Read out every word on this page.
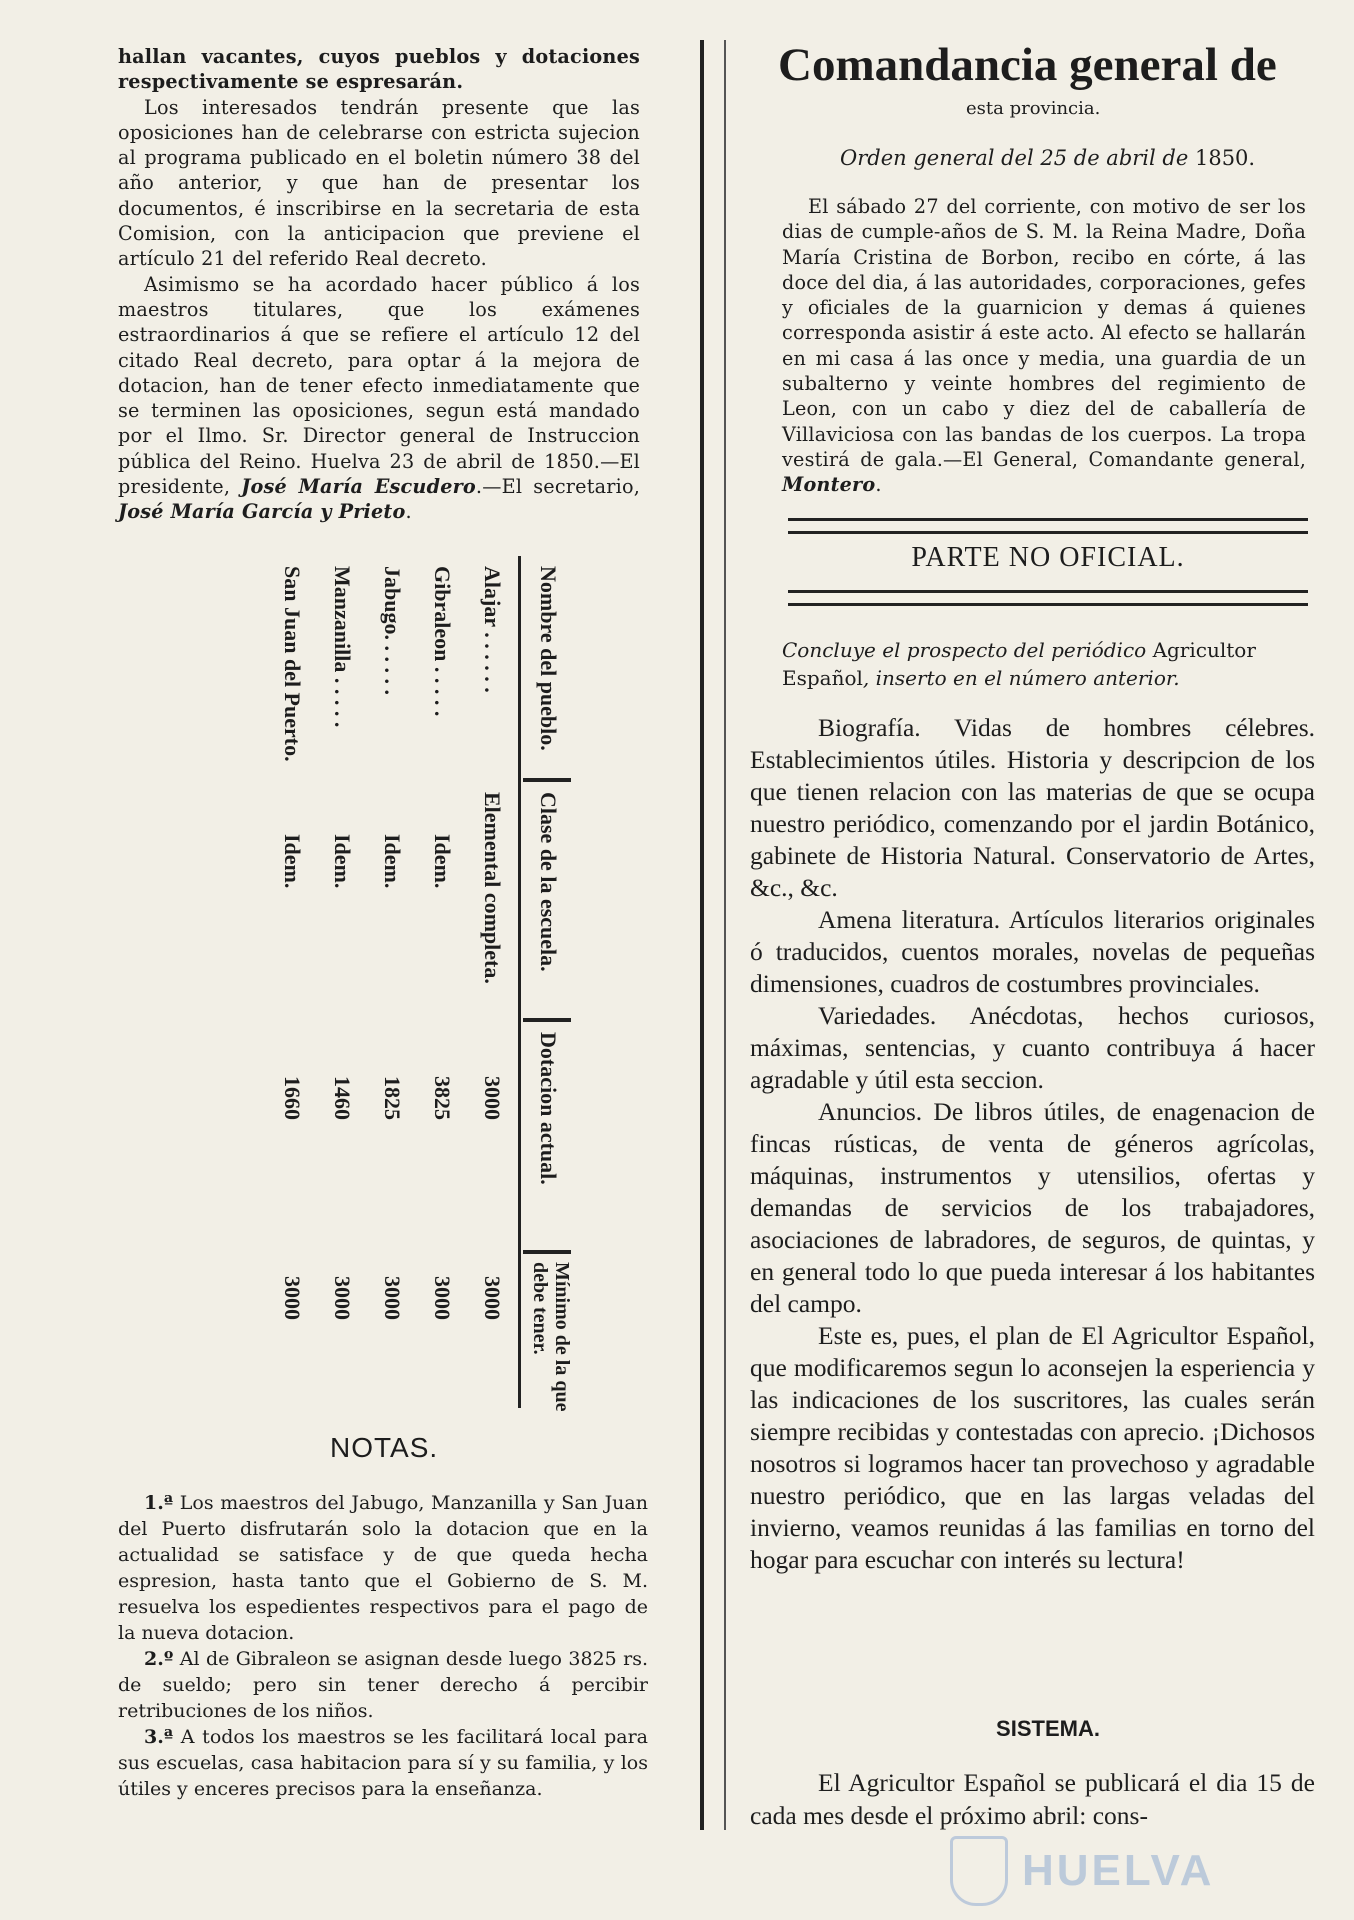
hallan vacantes, cuyos pueblos y dotaciones respectivamente se espresarán.

Los interesados tendrán presente que las oposiciones han de celebrarse con estricta sujecion al programa publicado en el boletin número 38 del año anterior, y que han de presentar los documentos, é inscribirse en la secretaria de esta Comision, con la anticipacion que previene el artículo 21 del referido Real decreto.

Asimismo se ha acordado hacer público á los maestros titulares, que los exámenes estraordinarios á que se refiere el artículo 12 del citado Real decreto, para optar á la mejora de dotacion, han de tener efecto inmediatamente que se terminen las oposiciones, segun está mandado por el Ilmo. Sr. Director general de Instruccion pública del Reino. Huelva 23 de abril de 1850.—El presidente, José María Escudero.—El secretario, José María García y Prieto.

Nombre del pueblo.
Clase de la escuela.
Dotacion actual.
Mínimo de la que debe tener.
Alajar . . . . . .
Elemental completa.
3000
3000
Gibraleon . . . . .
Idem.
3825
3000
Jabugo. . . . . .
Idem.
1825
3000
Manzanilla . . . . .
Idem.
1460
3000
San Juan del Puerto.
Idem.
1660
3000
NOTAS.

1.ª Los maestros del Jabugo, Manzanilla y San Juan del Puerto disfrutarán solo la dotacion que en la actualidad se satisface y de que queda hecha espresion, hasta tanto que el Gobierno de S. M. resuelva los espedientes respectivos para el pago de la nueva dotacion.

2.º Al de Gibraleon se asignan desde luego 3825 rs. de sueldo; pero sin tener derecho á percibir retribuciones de los niños.

3.ª A todos los maestros se les facilitará local para sus escuelas, casa habitacion para sí y su familia, y los útiles y enceres precisos para la enseñanza.

Comandancia general de
esta provincia.
Orden general del 25 de abril de 1850.

El sábado 27 del corriente, con motivo de ser los dias de cumple-años de S. M. la Reina Madre, Doña María Cristina de Borbon, recibo en córte, á las doce del dia, á las autoridades, corporaciones, gefes y oficiales de la guarnicion y demas á quienes corresponda asistir á este acto. Al efecto se hallarán en mi casa á las once y media, una guardia de un subalterno y veinte hombres del regimiento de Leon, con un cabo y diez del de caballería de Villaviciosa con las bandas de los cuerpos. La tropa vestirá de gala.—El General, Comandante general, Montero.

PARTE NO OFICIAL.
Concluye el prospecto del periódico Agricultor Español, inserto en el número anterior.

Biografía. Vidas de hombres célebres. Establecimientos útiles. Historia y descripcion de los que tienen relacion con las materias de que se ocupa nuestro periódico, comenzando por el jardin Botánico, gabinete de Historia Natural. Conservatorio de Artes, &c., &c.

Amena literatura. Artículos literarios originales ó traducidos, cuentos morales, novelas de pequeñas dimensiones, cuadros de costumbres provinciales.

Variedades. Anécdotas, hechos curiosos, máximas, sentencias, y cuanto contribuya á hacer agradable y útil esta seccion.

Anuncios. De libros útiles, de enagenacion de fincas rústicas, de venta de géneros agrícolas, máquinas, instrumentos y utensilios, ofertas y demandas de servicios de los trabajadores, asociaciones de labradores, de seguros, de quintas, y en general todo lo que pueda interesar á los habitantes del campo.

Este es, pues, el plan de El Agricultor Español, que modificaremos segun lo aconsejen la esperiencia y las indicaciones de los suscritores, las cuales serán siempre recibidas y contestadas con aprecio. ¡Dichosos nosotros si logramos hacer tan provechoso y agradable nuestro periódico, que en las largas veladas del invierno, veamos reunidas á las familias en torno del hogar para escuchar con interés su lectura!

SISTEMA.

El Agricultor Español se publicará el dia 15 de cada mes desde el próximo abril: cons-

HUELVA
